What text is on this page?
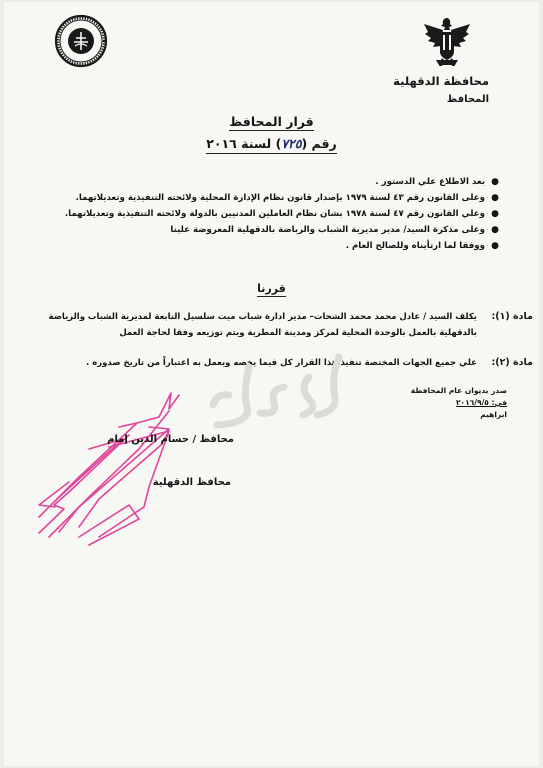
محافظة الدقهلية
المحافظ
قرار المحافظ
رقم (٧٢٥) لسنة ٢٠١٦
●
بعد الاطلاع علي الدستور .
●
وعلى القانون رقم ٤٣ لسنة ١٩٧٩ بإصدار قانون نظام الإدارة المحلية ولائحته التنفيذية وتعديلاتهما.
●
وعلي القانون رقم ٤٧ لسنة ١٩٧٨ بشان نظام العاملين المدنيين بالدولة ولائحته التنفيذية وتعديلاتهما.
●
وعلى مذكرة السيد/ مدير مديرية الشباب والرياضة بالدقهلية المعروضة علينا
●
ووفقا لما ارتأيناه وللصالح العام .
قررنا
مادة (١):
يكلف السيد / عادل محمد محمد الشحات– مدير ادارة شباب ميت سلسيل التابعة لمديرية الشباب والرياضة
بالدقهلية بالعمل بالوحدة المحلية لمركز ومدينة المطرية ويتم توزيعه وفقا لحاجة العمل
مادة (٢):
علي جميع الجهات المختصة تنفيذ هذا القرار كل فيما يخصه ويعمل به اعتباراً من تاريخ صدوره .
صدر بديوان عام المحافظة
في: ٢٠١٦/٩/٥
ابراهيم
محافظ / حسام الدين إمام
محافظ الدقهلية
